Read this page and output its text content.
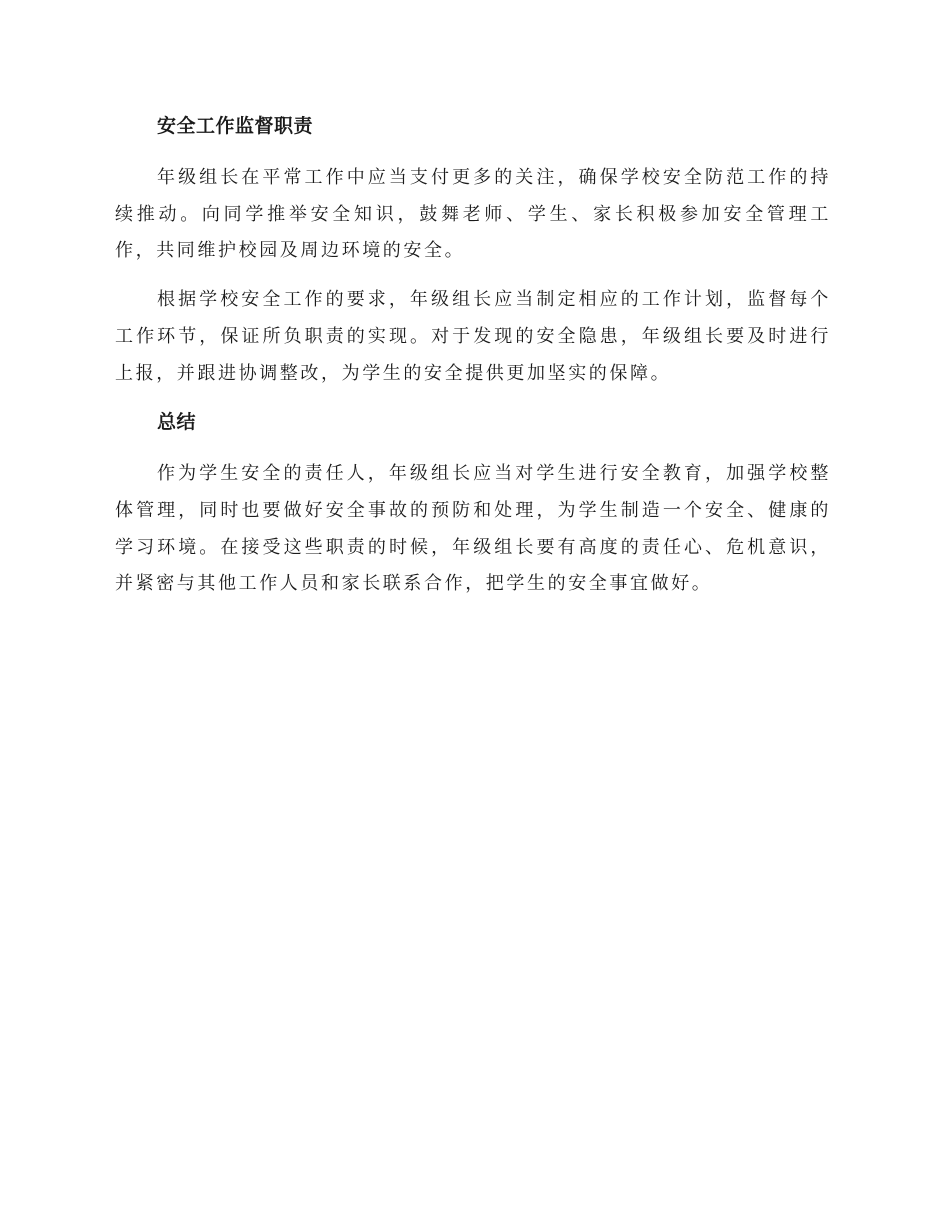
安全工作监督职责

年级组长在平常工作中应当支付更多的关注，确保学校安全防范工作的持续推动。向同学推举安全知识，鼓舞老师、学生、家长积极参加安全管理工作，共同维护校园及周边环境的安全。

根据学校安全工作的要求，年级组长应当制定相应的工作计划，监督每个工作环节，保证所负职责的实现。对于发现的安全隐患，年级组长要及时进行上报，并跟进协调整改，为学生的安全提供更加坚实的保障。

总结

作为学生安全的责任人，年级组长应当对学生进行安全教育，加强学校整体管理，同时也要做好安全事故的预防和处理，为学生制造一个安全、健康的学习环境。在接受这些职责的时候，年级组长要有高度的责任心、危机意识，并紧密与其他工作人员和家长联系合作，把学生的安全事宜做好。
